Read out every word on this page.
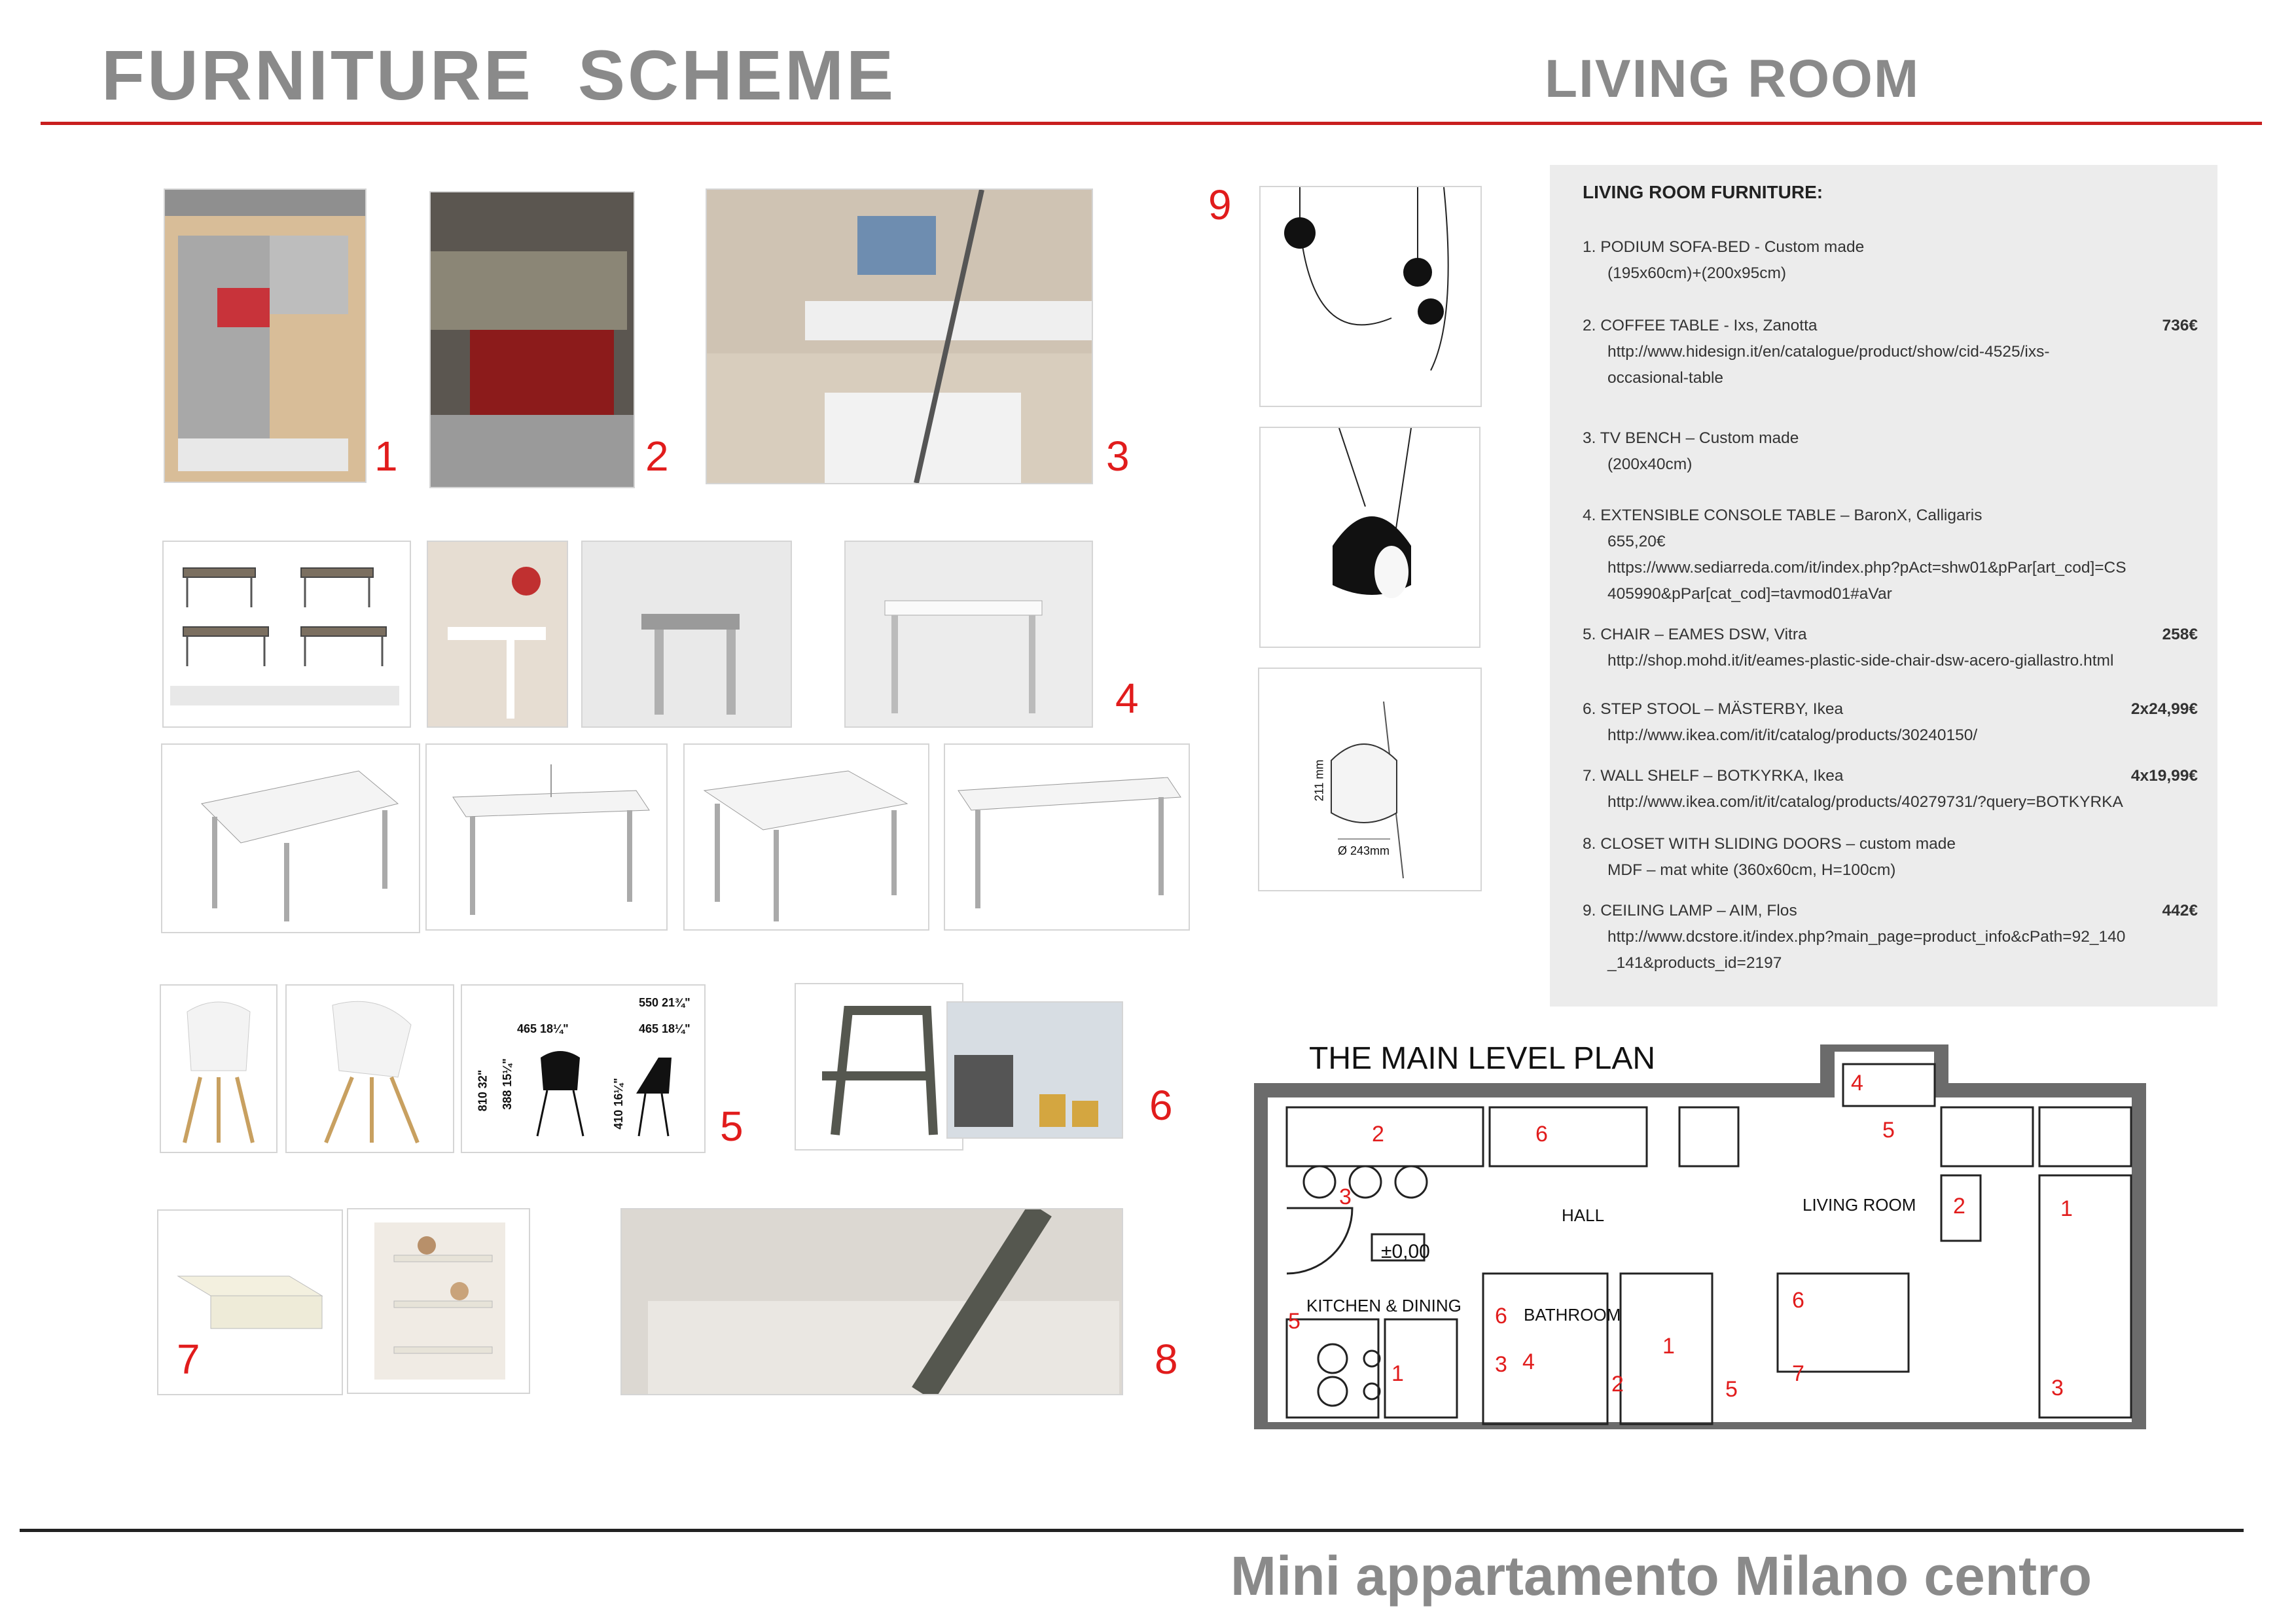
FURNITURE  SCHEME	LIVING ROOM
1	2	3
4
550 21¾"
465 18¼"
465 18¼"
810 32" 388 15¼"	410 16¼" 5	6
7	8
9
211 mm
Ø 243mm
LIVING ROOM FURNITURE:
1. PODIUM SOFA-BED - Custom made
(195x60cm)+(200x95cm)
2. COFFEE TABLE - Ixs, Zanotta
http://www.hidesign.it/en/catalogue/product/show/cid-4525/ixs-
occasional-table
736€
3. TV BENCH – Custom made
(200x40cm)
4. EXTENSIBLE CONSOLE TABLE – BaronX, Calligaris
655,20€
https://www.sediarreda.com/it/index.php?pAct=shw01&pPar[art_cod]=CS
405990&pPar[cat_cod]=tavmod01#aVar
5. CHAIR – EAMES DSW, Vitra
http://shop.mohd.it/it/eames-plastic-side-chair-dsw-acero-giallastro.html
258€
6. STEP STOOL – MÄSTERBY, Ikea
http://www.ikea.com/it/it/catalog/products/30240150/
2x24,99€
7. WALL SHELF – BOTKYRKA, Ikea
http://www.ikea.com/it/it/catalog/products/40279731/?query=BOTKYRKA
4x19,99€
8. CLOSET WITH SLIDING DOORS – custom made
MDF – mat white (360x60cm, H=100cm)
9. CEILING LAMP – AIM, Flos
http://www.dcstore.it/index.php?main_page=product_info&cPath=92_140
_141&products_id=2197
442€
THE MAIN LEVEL PLAN
±0,00
HALL
LIVING ROOM
KITCHEN & DINING	BATHROOM
2	6
3
4
5
2	1
5	6
1	3 4
2
1
5
6
7
3
Mini appartamento Milano centro
